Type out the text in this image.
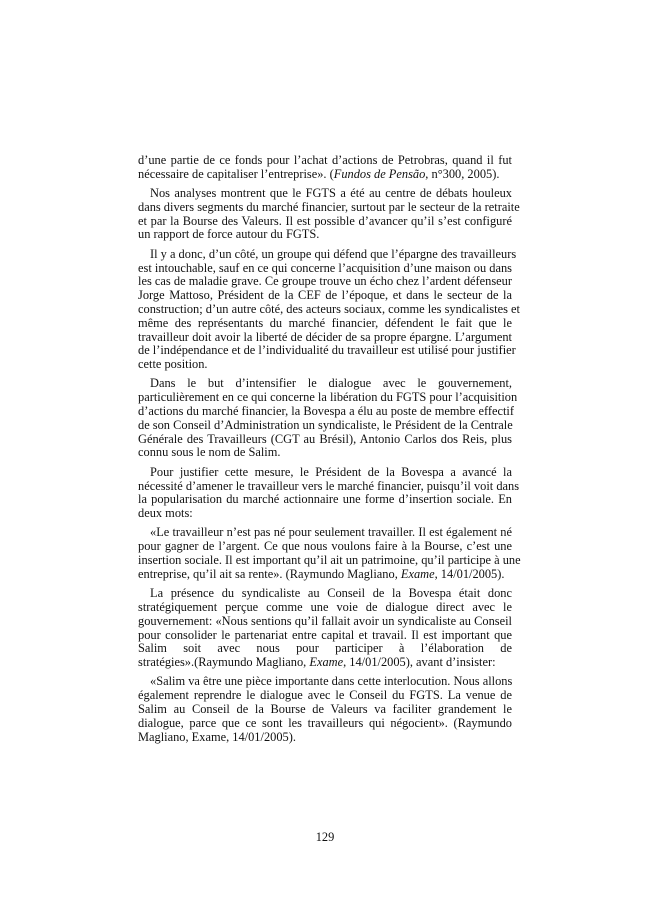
d’une partie de ce fonds pour l’achat d’actions de Petrobras, quand il fut
nécessaire de capitaliser l’entreprise». (Fundos de Pensão, n°300, 2005).
Nos analyses montrent que le FGTS a été au centre de débats houleux
dans divers segments du marché financier, surtout par le secteur de la retraite
et par la Bourse des Valeurs. Il est possible d’avancer qu’il s’est configuré
un rapport de force autour du FGTS.
Il y a donc, d’un côté, un groupe qui défend que l’épargne des travailleurs
est intouchable, sauf en ce qui concerne l’acquisition d’une maison ou dans
les cas de maladie grave. Ce groupe trouve un écho chez l’ardent défenseur
Jorge Mattoso, Président de la CEF de l’époque, et dans le secteur de la
construction; d’un autre côté, des acteurs sociaux, comme les syndicalistes et
même des représentants du marché financier, défendent le fait que le
travailleur doit avoir la liberté de décider de sa propre épargne. L’argument
de l’indépendance et de l’individualité du travailleur est utilisé pour justifier
cette position.
Dans le but d’intensifier le dialogue avec le gouvernement,
particulièrement en ce qui concerne la libération du FGTS pour l’acquisition
d’actions du marché financier, la Bovespa a élu au poste de membre effectif
de son Conseil d’Administration un syndicaliste, le Président de la Centrale
Générale des Travailleurs (CGT au Brésil), Antonio Carlos dos Reis, plus
connu sous le nom de Salim.
Pour justifier cette mesure, le Président de la Bovespa a avancé la
nécessité d’amener le travailleur vers le marché financier, puisqu’il voit dans
la popularisation du marché actionnaire une forme d’insertion sociale. En
deux mots:
«Le travailleur n’est pas né pour seulement travailler. Il est également né
pour gagner de l’argent. Ce que nous voulons faire à la Bourse, c’est une
insertion sociale. Il est important qu’il ait un patrimoine, qu’il participe à une
entreprise, qu’il ait sa rente». (Raymundo Magliano, Exame, 14/01/2005).
La présence du syndicaliste au Conseil de la Bovespa était donc
stratégiquement perçue comme une voie de dialogue direct avec le
gouvernement: «Nous sentions qu’il fallait avoir un syndicaliste au Conseil
pour consolider le partenariat entre capital et travail. Il est important que
Salim soit avec nous pour participer à l’élaboration de
stratégies».(Raymundo Magliano, Exame, 14/01/2005), avant d’insister:
«Salim va être une pièce importante dans cette interlocution. Nous allons
également reprendre le dialogue avec le Conseil du FGTS. La venue de
Salim au Conseil de la Bourse de Valeurs va faciliter grandement le
dialogue, parce que ce sont les travailleurs qui négocient». (Raymundo
Magliano, Exame, 14/01/2005).
129
